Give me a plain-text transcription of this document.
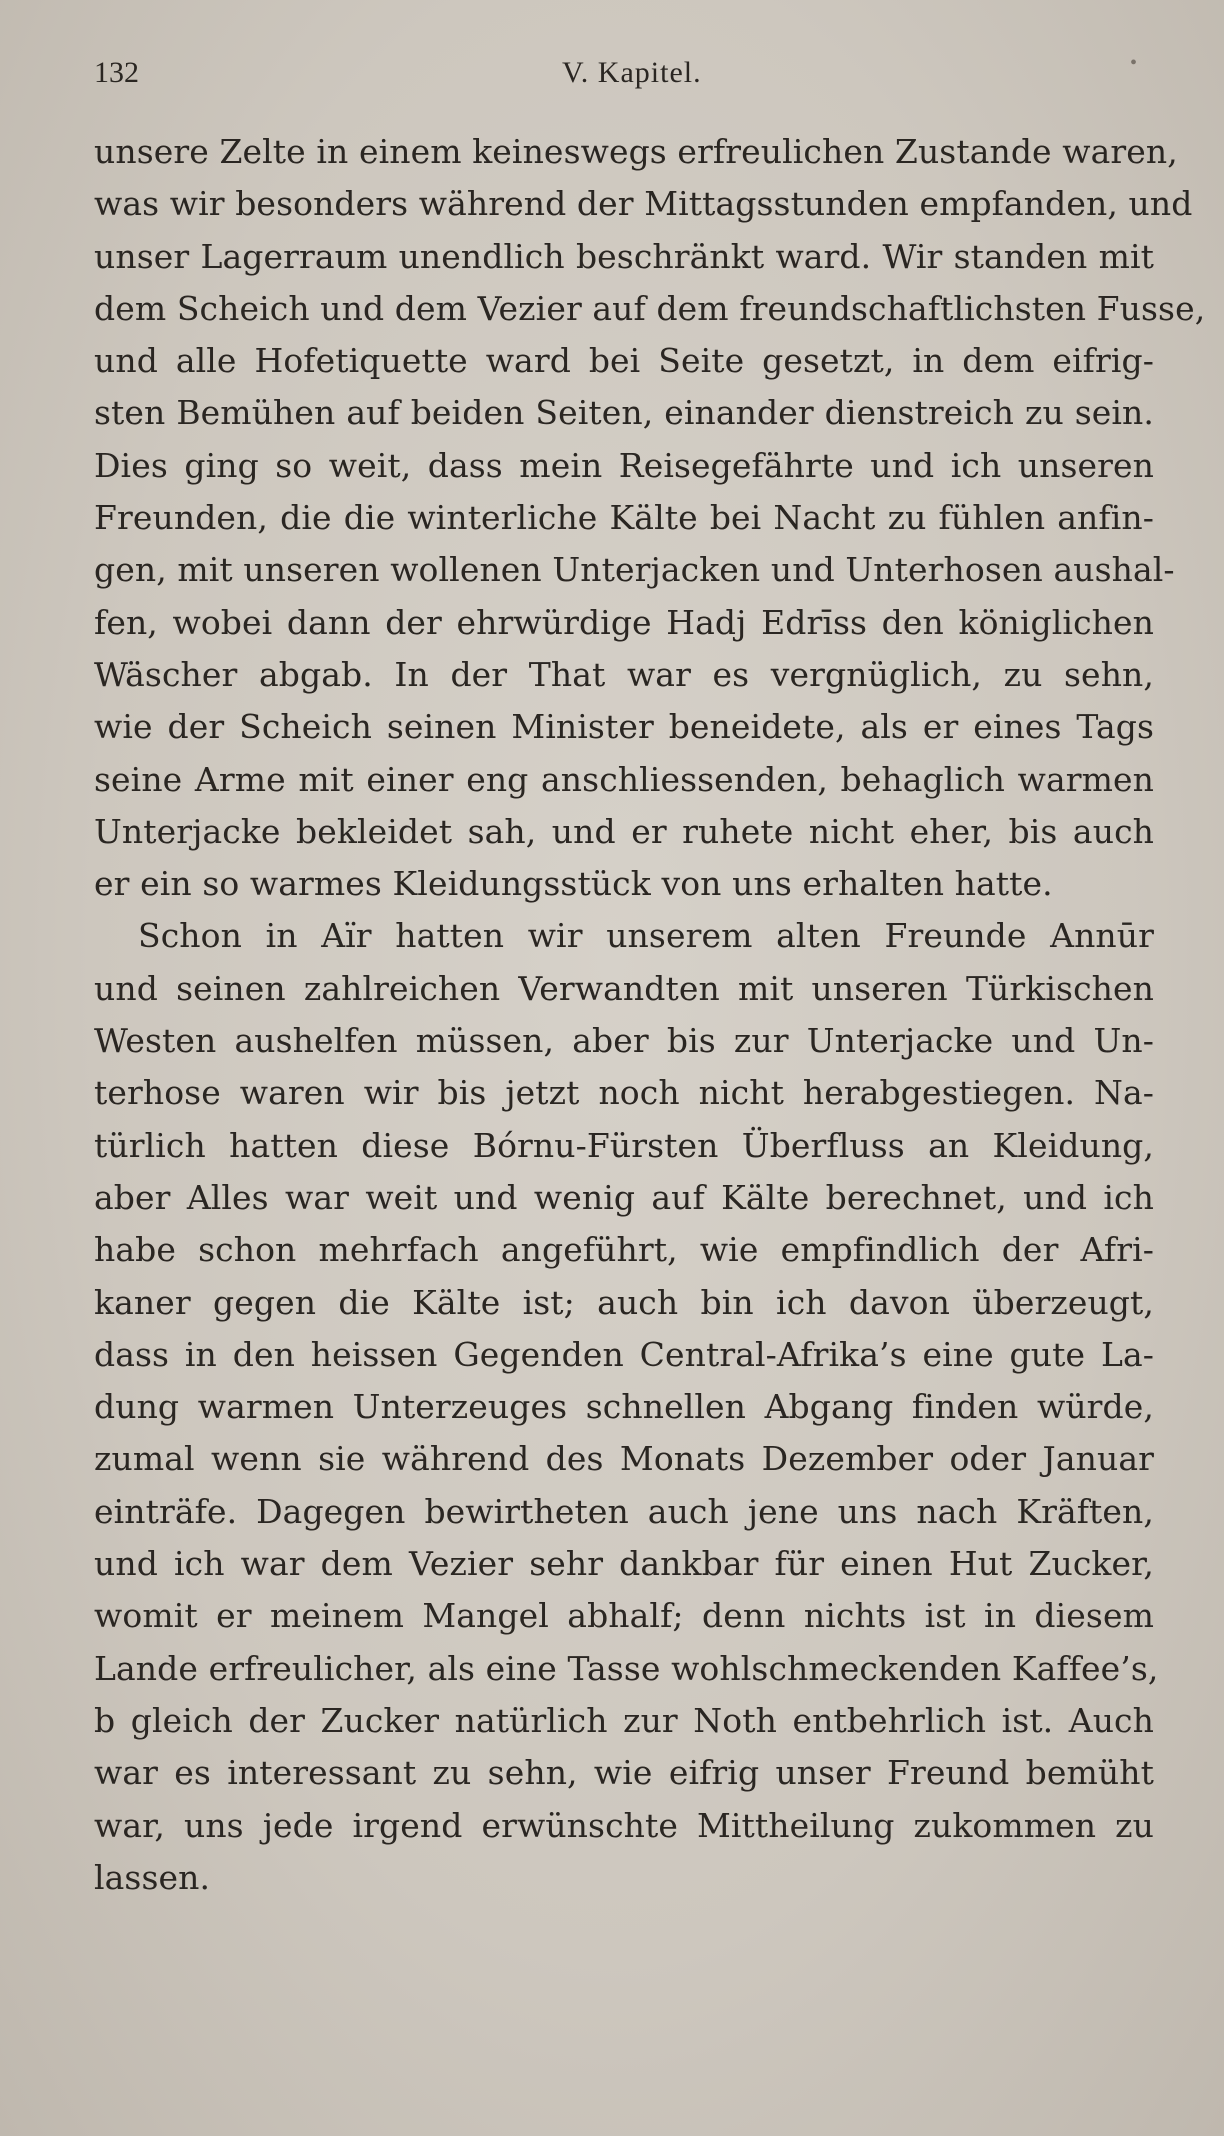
132	V. Kapitel.	•
unsere Zelte in einem keineswegs erfreulichen Zustande waren,
was wir besonders während der Mittagsstunden empfanden, und
unser Lagerraum unendlich beschränkt ward. Wir standen mit
dem Scheich und dem Vezier auf dem freundschaftlichsten Fusse,
und alle Hofetiquette ward bei Seite gesetzt, in dem eifrig-
sten Bemühen auf beiden Seiten, einander dienstreich zu sein.
Dies ging so weit, dass mein Reisegefährte und ich unseren
Freunden, die die winterliche Kälte bei Nacht zu fühlen anfin-
gen, mit unseren wollenen Unterjacken und Unterhosen aushal-
fen, wobei dann der ehrwürdige Hadj Edrīss den königlichen
Wäscher abgab. In der That war es vergnüglich, zu sehn,
wie der Scheich seinen Minister beneidete, als er eines Tags
seine Arme mit einer eng anschliessenden, behaglich warmen
Unterjacke bekleidet sah, und er ruhete nicht eher, bis auch
er ein so warmes Kleidungsstück von uns erhalten hatte.
Schon in Aïr hatten wir unserem alten Freunde Annūr
und seinen zahlreichen Verwandten mit unseren Türkischen
Westen aushelfen müssen, aber bis zur Unterjacke und Un-
terhose waren wir bis jetzt noch nicht herabgestiegen. Na-
türlich hatten diese Bórnu-Fürsten Überfluss an Kleidung,
aber Alles war weit und wenig auf Kälte berechnet, und ich
habe schon mehrfach angeführt, wie empfindlich der Afri-
kaner gegen die Kälte ist; auch bin ich davon überzeugt,
dass in den heissen Gegenden Central-Afrika’s eine gute La-
dung warmen Unterzeuges schnellen Abgang finden würde,
zumal wenn sie während des Monats Dezember oder Januar
einträfe. Dagegen bewirtheten auch jene uns nach Kräften,
und ich war dem Vezier sehr dankbar für einen Hut Zucker,
womit er meinem Mangel abhalf; denn nichts ist in diesem
Lande erfreulicher, als eine Tasse wohlschmeckenden Kaffee’s,
b gleich der Zucker natürlich zur Noth entbehrlich ist. Auch
war es interessant zu sehn, wie eifrig unser Freund bemüht
war, uns jede irgend erwünschte Mittheilung zukommen zu
lassen.
